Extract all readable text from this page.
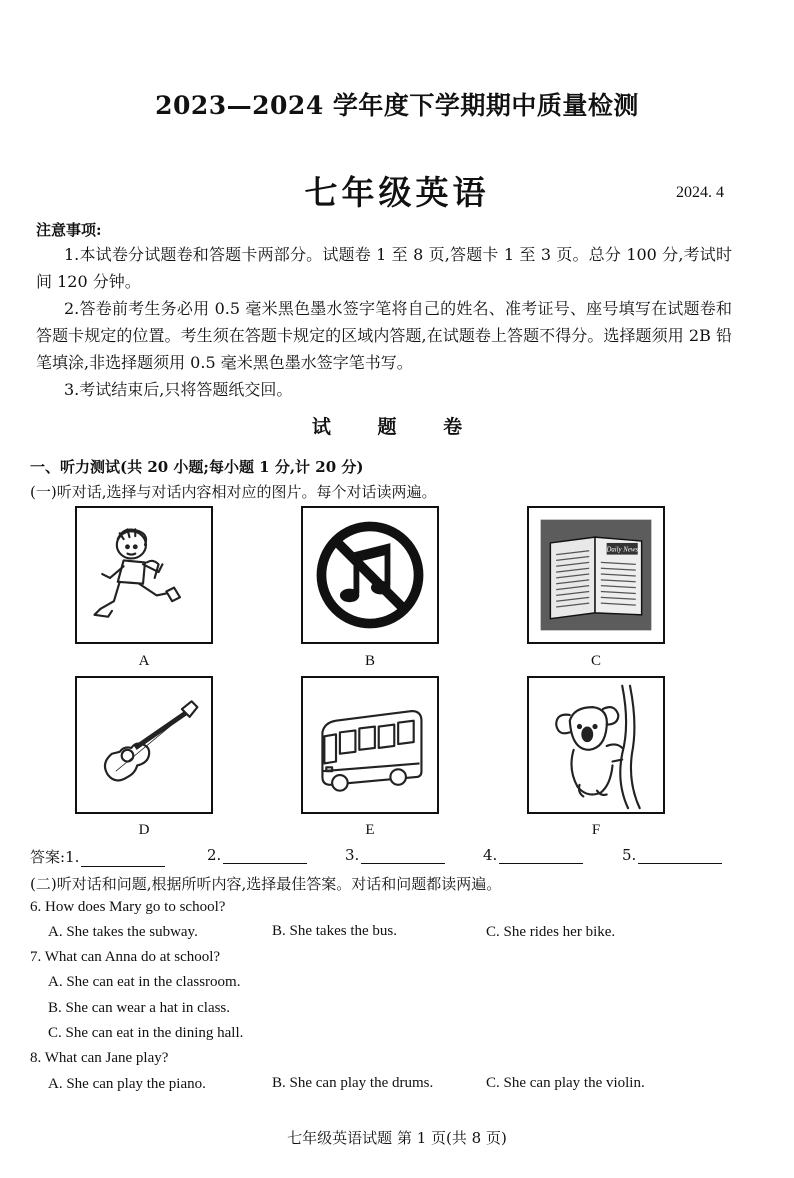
2023—2024 学年度下学期期中质量检测
七年级英语	2024. 4
注意事项:

1.本试卷分试题卷和答题卡两部分。试题卷 1 至 8 页,答题卡 1 至 3 页。总分 100 分,考试时间 120 分钟。

2.答卷前考生务必用 0.5 毫米黑色墨水签字笔将自己的姓名、准考证号、座号填写在试题卷和答题卡规定的位置。考生须在答题卡规定的区域内答题,在试题卷上答题不得分。选择题须用 2B 铅笔填涂,非选择题须用 0.5 毫米黑色墨水签字笔书写。

3.考试结束后,只将答题纸交回。

试 题 卷
一、听力测试(共 20 小题;每小题 1 分,计 20 分)
(一)听对话,选择与对话内容相对应的图片。每个对话读两遍。
A	B
Daily News
C
D	E	F
答案:1.	2.	3.	4.	5.
(二)听对话和问题,根据所听内容,选择最佳答案。对话和问题都读两遍。
6. How does Mary go to school?
A. She takes the subway.	B. She takes the bus.	C. She rides her bike.
7. What can Anna do at school?
A. She can eat in the classroom.
B. She can wear a hat in class.
C. She can eat in the dining hall.
8. What can Jane play?
A. She can play the piano.	B. She can play the drums.	C. She can play the violin.
七年级英语试题 第 1 页(共 8 页)
